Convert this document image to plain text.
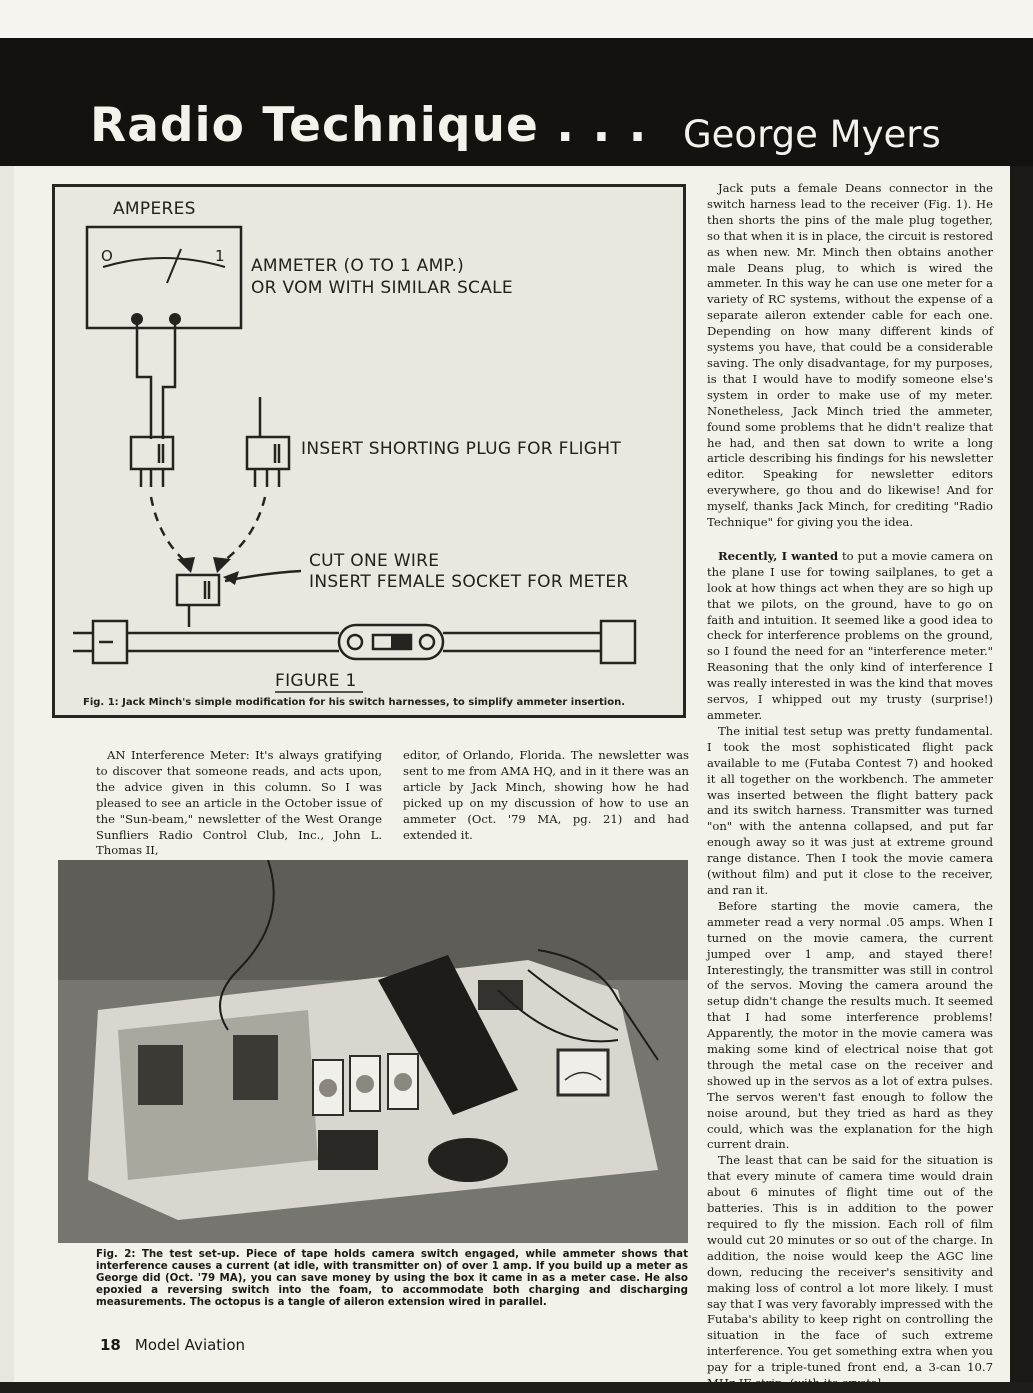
Radio Technique . . . George Myers
AMPERES
O	1 AMMETER (O TO 1 AMP.)
OR VOM WITH SIMILAR SCALE
INSERT SHORTING PLUG FOR FLIGHT
CUT ONE WIRE
INSERT FEMALE SOCKET FOR METER
FIGURE 1
Fig. 1: Jack Minch's simple modification for his switch harnesses, to simplify ammeter insertion.
AN Interference Meter: It's always gratifying to discover that someone reads, and acts upon, the advice given in this column. So I was pleased to see an article in the October issue of the "Sun-beam," newsletter of the West Orange Sunfliers Radio Control Club, Inc., John L. Thomas II,
editor, of Orlando, Florida. The newsletter was sent to me from AMA HQ, and in it there was an article by Jack Minch, showing how he had picked up on my discussion of how to use an ammeter (Oct. '79 MA, pg. 21) and had extended it.

Jack puts a female Deans connector in the switch harness lead to the receiver (Fig. 1). He then shorts the pins of the male plug together, so that when it is in place, the circuit is restored as when new. Mr. Minch then obtains another male Deans plug, to which is wired the ammeter. In this way he can use one meter for a variety of RC systems, without the expense of a separate aileron extender cable for each one. Depending on how many different kinds of systems you have, that could be a considerable saving. The only disadvantage, for my purposes, is that I would have to modify someone else's system in order to make use of my meter. Nonetheless, Jack Minch tried the ammeter, found some problems that he didn't realize that he had, and then sat down to write a long article describing his findings for his newsletter editor. Speaking for newsletter editors everywhere, go thou and do likewise! And for myself, thanks Jack Minch, for crediting "Radio Technique" for giving you the idea.

Recently, I wanted to put a movie camera on the plane I use for towing sailplanes, to get a look at how things act when they are so high up that we pilots, on the ground, have to go on faith and intuition. It seemed like a good idea to check for interference problems on the ground, so I found the need for an "interference meter." Reasoning that the only kind of interference I was really interested in was the kind that moves servos, I whipped out my trusty (surprise!) ammeter.

The initial test setup was pretty fundamental. I took the most sophisticated flight pack available to me (Futaba Contest 7) and hooked it all together on the workbench. The ammeter was inserted between the flight battery pack and its switch harness. Transmitter was turned "on" with the antenna collapsed, and put far enough away so it was just at extreme ground range distance. Then I took the movie camera (without film) and put it close to the receiver, and ran it.

Before starting the movie camera, the ammeter read a very normal .05 amps. When I turned on the movie camera, the current jumped over 1 amp, and stayed there! Interestingly, the transmitter was still in control of the servos. Moving the camera around the setup didn't change the results much. It seemed that I had some interference problems! Apparently, the motor in the movie camera was making some kind of electrical noise that got through the metal case on the receiver and showed up in the servos as a lot of extra pulses. The servos weren't fast enough to follow the noise around, but they tried as hard as they could, which was the explanation for the high current drain.

The least that can be said for the situation is that every minute of camera time would drain about 6 minutes of flight time out of the batteries. This is in addition to the power required to fly the mission. Each roll of film would cut 20 minutes or so out of the charge. In addition, the noise would keep the AGC line down, reducing the receiver's sensitivity and making loss of control a lot more likely. I must say that I was very favorably impressed with the Futaba's ability to keep right on controlling the situation in the face of such extreme interference. You get something extra when you pay for a triple-tuned front end, a 3-can 10.7

Fig. 2: The test set-up. Piece of tape holds camera switch engaged, while ammeter shows that interference causes a current (at idle, with transmitter on) of over 1 amp. If you build up a meter as George did (Oct. '79 MA), you can save money by using the box it came in as a meter case. He also epoxied a reversing switch into the foam, to accommodate both charging and discharging measurements. The octopus is a tangle of aileron extension wired in parallel.
18 Model Aviation
